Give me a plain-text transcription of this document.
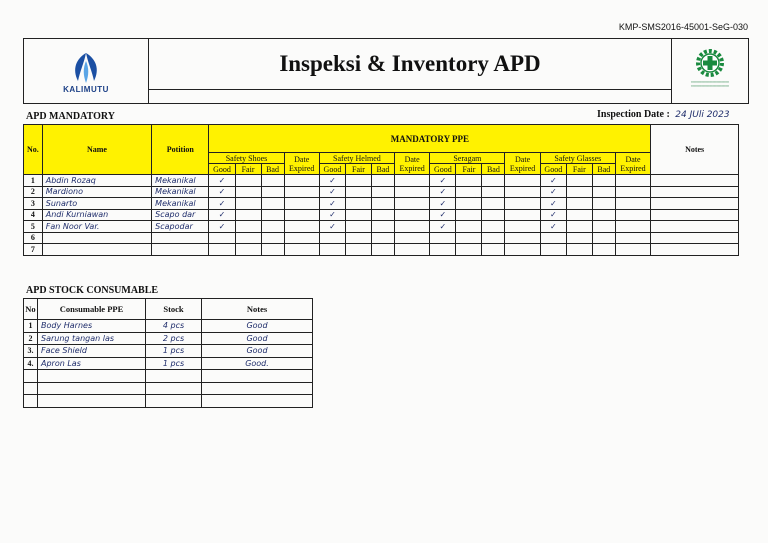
KMP-SMS2016-45001-SeG-030
KALIMUTU
Inspeksi & Inventory APD
━━━━━━━━━━━━━━━━━━━━━
━━━━━━━━━━━━━━━━━━━━━
APD MANDATORY	Inspection Date : 24 JUli 2023
No.	Name	Potition	MANDATORY PPE																Notes
			Safety Shoes			Date Expired	Safety Helmed			Date Expired	Seragam			Date Expired	Safety Glasses			Date Expired	
			Good	Fair	Bad		Good	Fair	Bad		Good	Fair	Bad		Good	Fair	Bad		
1	Abdin Rozaq	Mekanikal	✓				✓				✓				✓				
2	Mardiono	Mekanikal	✓				✓				✓				✓				
3	Sunarto	Mekanikal	✓				✓				✓				✓				
4	Andi Kurniawan	Scapo dar	✓				✓				✓				✓				
5	Fan Noor Var.	Scapodar	✓				✓				✓				✓				
6																			
7																			
APD STOCK CONSUMABLE
No	Consumable PPE	Stock	Notes
1	Body Harnes	4 pcs	Good
2	Sarung tangan las	2 pcs	Good
3.	Face Shield	1 pcs	Good
4.	Apron Las	1 pcs	Good.
